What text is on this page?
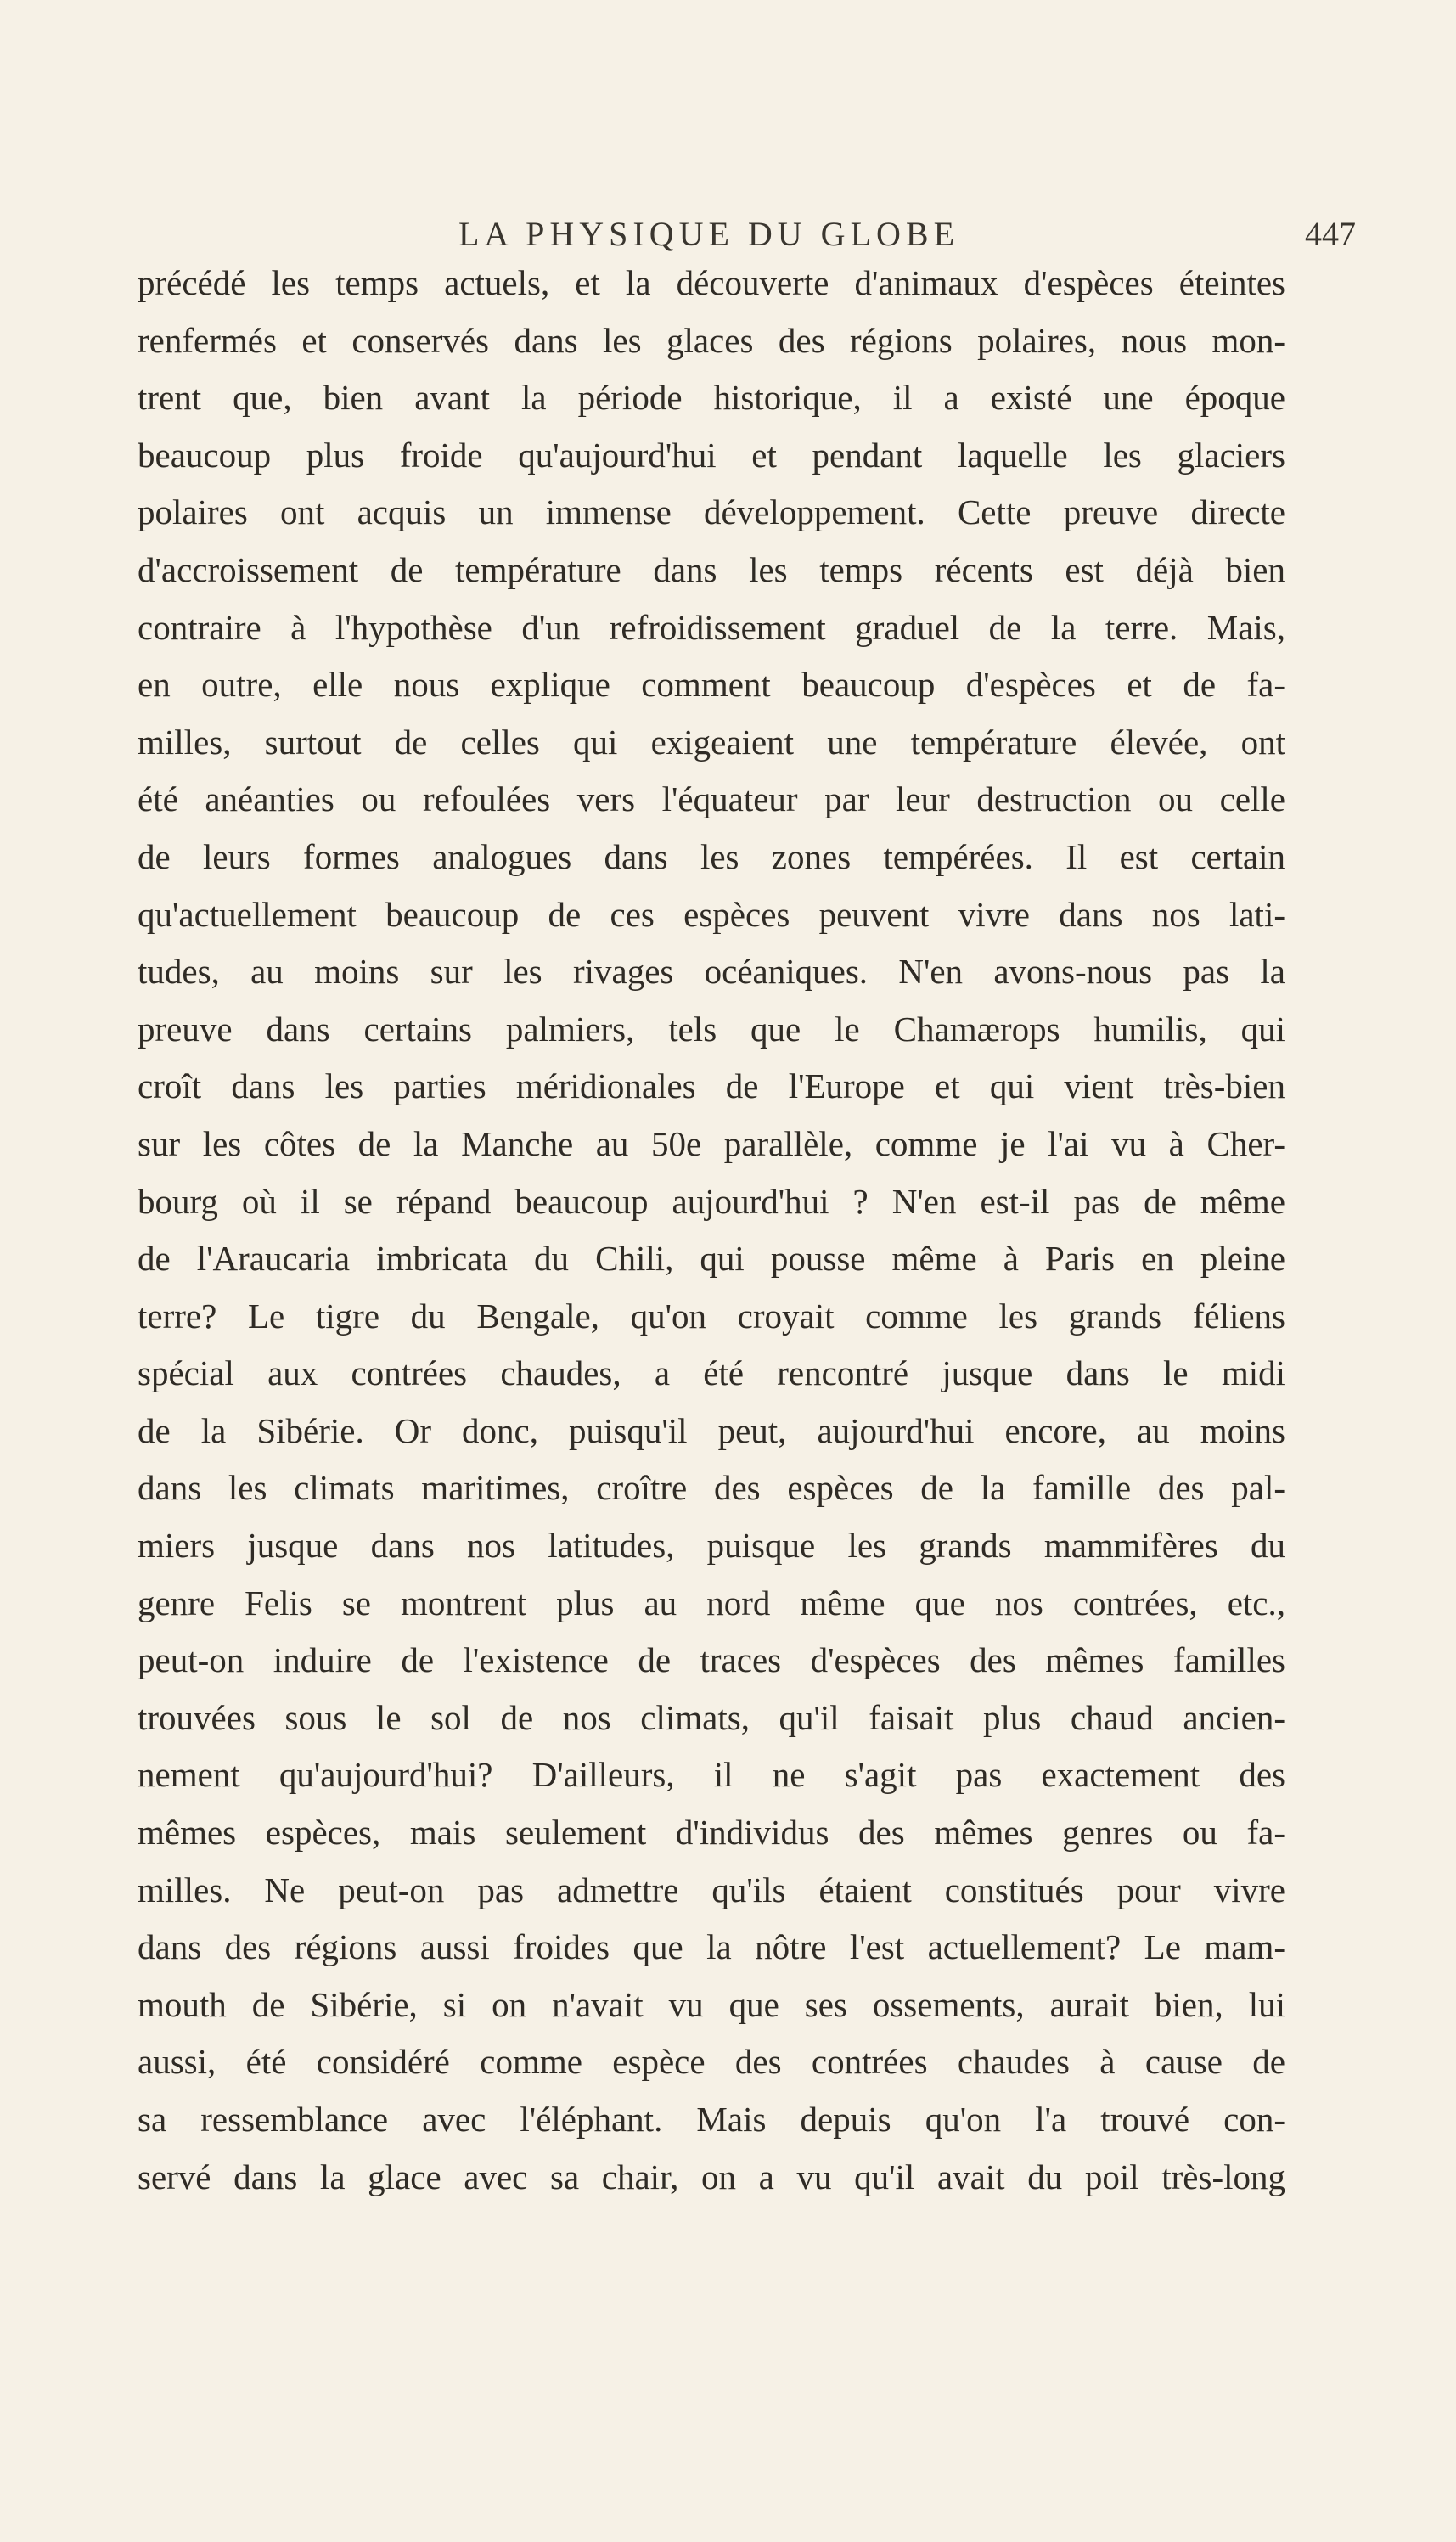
LA PHYSIQUE DU GLOBE	447
précédé les temps actuels, et la découverte d'animaux d'espèces éteintes
renfermés et conservés dans les glaces des régions polaires, nous mon-
trent que, bien avant la période historique, il a existé une époque
beaucoup plus froide qu'aujourd'hui et pendant laquelle les glaciers
polaires ont acquis un immense développement. Cette preuve directe
d'accroissement de température dans les temps récents est déjà bien
contraire à l'hypothèse d'un refroidissement graduel de la terre. Mais,
en outre, elle nous explique comment beaucoup d'espèces et de fa-
milles, surtout de celles qui exigeaient une température élevée, ont
été anéanties ou refoulées vers l'équateur par leur destruction ou celle
de leurs formes analogues dans les zones tempérées. Il est certain
qu'actuellement beaucoup de ces espèces peuvent vivre dans nos lati-
tudes, au moins sur les rivages océaniques. N'en avons-nous pas la
preuve dans certains palmiers, tels que le Chamærops humilis, qui
croît dans les parties méridionales de l'Europe et qui vient très-bien
sur les côtes de la Manche au 50e parallèle, comme je l'ai vu à Cher-
bourg où il se répand beaucoup aujourd'hui ? N'en est-il pas de même
de l'Araucaria imbricata du Chili, qui pousse même à Paris en pleine
terre? Le tigre du Bengale, qu'on croyait comme les grands féliens
spécial aux contrées chaudes, a été rencontré jusque dans le midi
de la Sibérie. Or donc, puisqu'il peut, aujourd'hui encore, au moins
dans les climats maritimes, croître des espèces de la famille des pal-
miers jusque dans nos latitudes, puisque les grands mammifères du
genre Felis se montrent plus au nord même que nos contrées, etc.,
peut-on induire de l'existence de traces d'espèces des mêmes familles
trouvées sous le sol de nos climats, qu'il faisait plus chaud ancien-
nement qu'aujourd'hui? D'ailleurs, il ne s'agit pas exactement des
mêmes espèces, mais seulement d'individus des mêmes genres ou fa-
milles. Ne peut-on pas admettre qu'ils étaient constitués pour vivre
dans des régions aussi froides que la nôtre l'est actuellement? Le mam-
mouth de Sibérie, si on n'avait vu que ses ossements, aurait bien, lui
aussi, été considéré comme espèce des contrées chaudes à cause de
sa ressemblance avec l'éléphant. Mais depuis qu'on l'a trouvé con-
servé dans la glace avec sa chair, on a vu qu'il avait du poil très-long
